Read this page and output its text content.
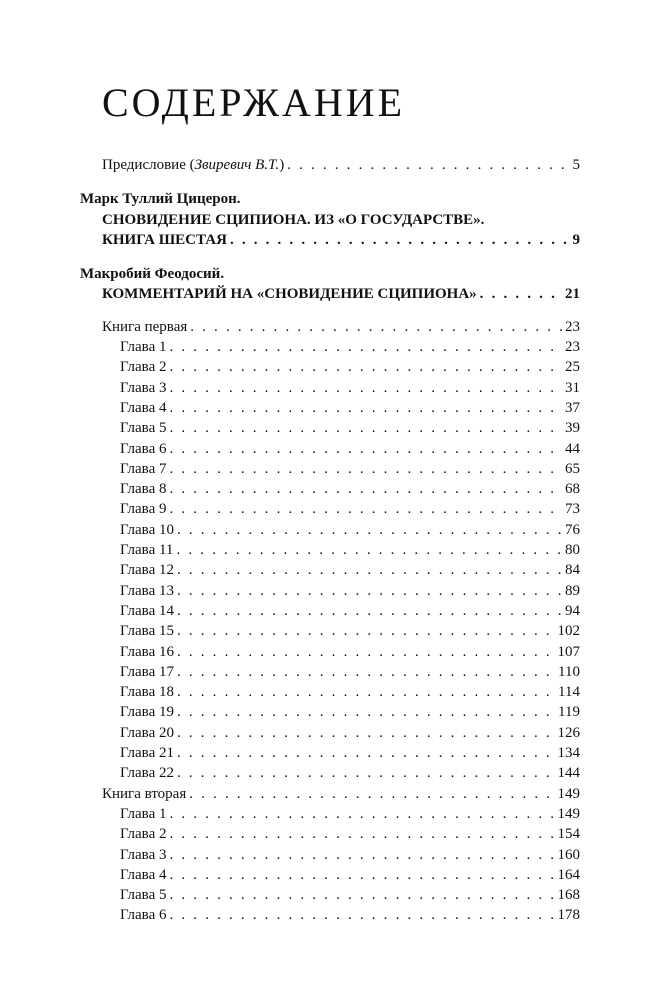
СОДЕРЖАНИЕ
Предисловие (Звиревич В.Т.) . . .	5
Марк Туллий Цицерон.
СНОВИДЕНИЕ СЦИПИОНА. ИЗ «О ГОСУДАРСТВЕ».
КНИГА ШЕСТАЯ . . .	9
Макробий Феодосий.
КОММЕНТАРИЙ НА «СНОВИДЕНИЕ СЦИПИОНА» . . .	21
Книга первая . . .	23
Глава 1 . . .	23
Глава 2 . . .	25
Глава 3 . . .	31
Глава 4 . . .	37
Глава 5 . . .	39
Глава 6 . . .	44
Глава 7 . . .	65
Глава 8 . . .	68
Глава 9 . . .	73
Глава 10 . . .	76
Глава 11 . . .	80
Глава 12 . . .	84
Глава 13 . . .	89
Глава 14 . . .	94
Глава 15 . . .	102
Глава 16 . . .	107
Глава 17 . . .	110
Глава 18 . . .	114
Глава 19 . . .	119
Глава 20 . . .	126
Глава 21 . . .	134
Глава 22 . . .	144
Книга вторая . . .	149
Глава 1 . . .	149
Глава 2 . . .	154
Глава 3 . . .	160
Глава 4 . . .	164
Глава 5 . . .	168
Глава 6 . . .	178
